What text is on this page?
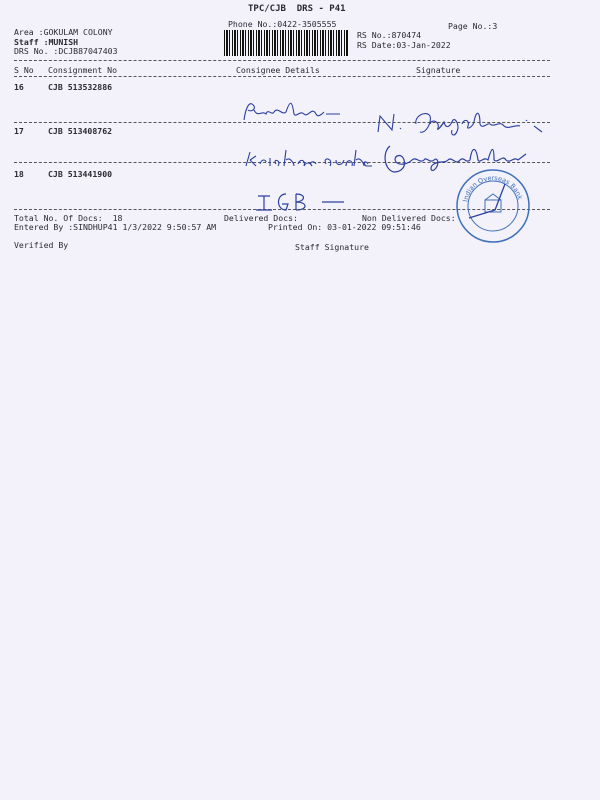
TPC/CJB  DRS - P41
Phone No.:0422-3505555	Page No.:3
Area :GOKULAM COLONY
Staff :MUNISH
DRS No. :DCJB87047403
RS No.:870474
RS Date:03-Jan-2022
S No Consignment No	Consignee Details	Signature
16	CJB 513532886
17	CJB 513408762
18	CJB 513441900
Indian Overseas Bank
Total No. Of Docs:  18	Delivered Docs:	Non Delivered Docs:
Entered By :SINDHUP41 1/3/2022 9:50:57 AM	Printed On: 03-01-2022 09:51:46
Verified By	Staff Signature
